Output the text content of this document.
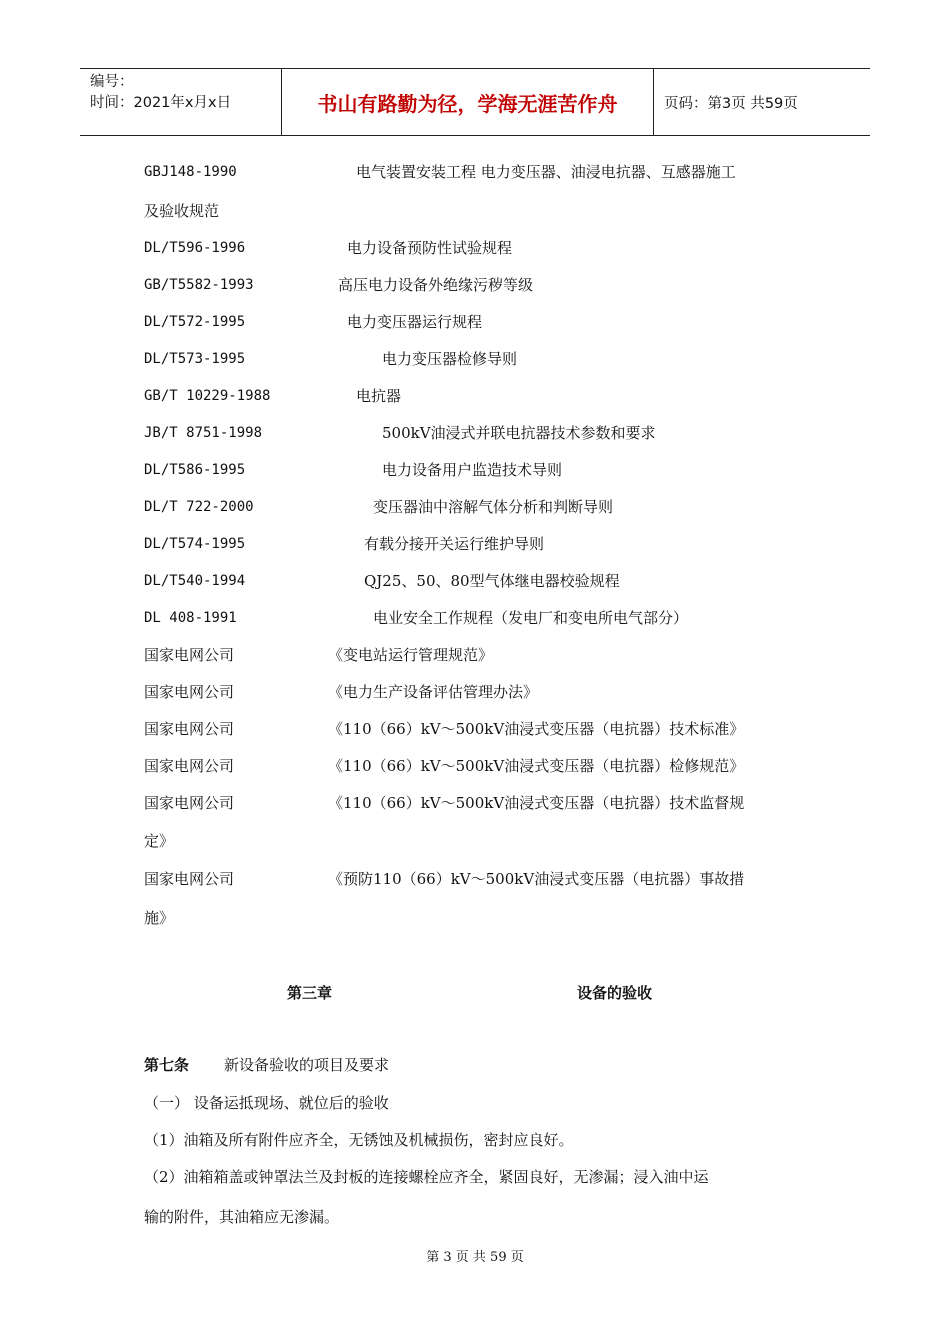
编号：
时间：2021年x月x日	书山有路勤为径，学海无涯苦作舟	页码：第3页 共59页
GBJ148-1990	电气装置安装工程 电力变压器、油浸电抗器、互感器施工
及验收规范
DL/T596-1996	电力设备预防性试验规程
GB/T5582-1993	高压电力设备外绝缘污秽等级
DL/T572-1995	电力变压器运行规程
DL/T573-1995	电力变压器检修导则
GB/T 10229-1988	电抗器
JB/T 8751-1998	500kV油浸式并联电抗器技术参数和要求
DL/T586-1995	电力设备用户监造技术导则
DL/T 722-2000	变压器油中溶解气体分析和判断导则
DL/T574-1995	有载分接开关运行维护导则
DL/T540-1994	QJ25、50、80型气体继电器校验规程
DL 408-1991	电业安全工作规程（发电厂和变电所电气部分）
国家电网公司	《变电站运行管理规范》
国家电网公司	《电力生产设备评估管理办法》
国家电网公司	《110（66）kV～500kV油浸式变压器（电抗器）技术标准》
国家电网公司	《110（66）kV～500kV油浸式变压器（电抗器）检修规范》
国家电网公司	《110（66）kV～500kV油浸式变压器（电抗器）技术监督规
定》
国家电网公司	《预防110（66）kV～500kV油浸式变压器（电抗器）事故措
施》
第三章	设备的验收
第七条 新设备验收的项目及要求
（一） 设备运抵现场、就位后的验收
（1）油箱及所有附件应齐全，无锈蚀及机械损伤，密封应良好。
（2）油箱箱盖或钟罩法兰及封板的连接螺栓应齐全，紧固良好，无渗漏；浸入油中运
输的附件，其油箱应无渗漏。
第 3 页 共 59 页
